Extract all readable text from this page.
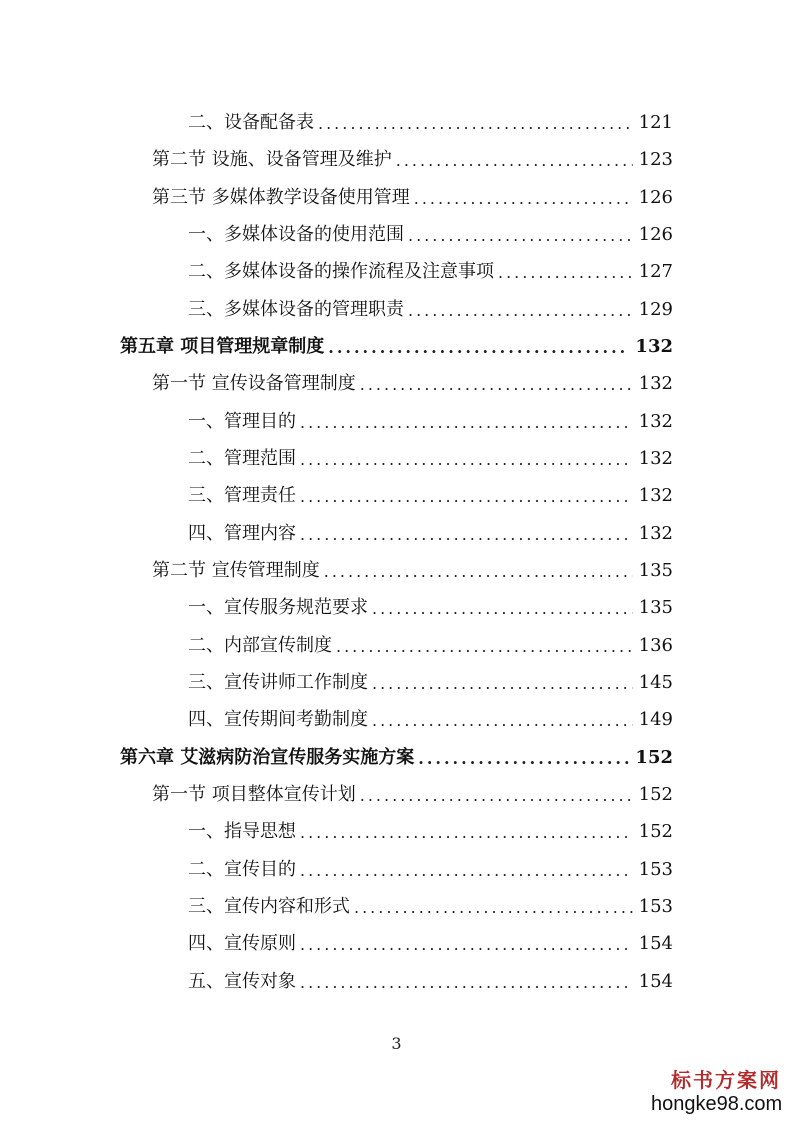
二、设备配备表 .....	121
第二节 设施、设备管理及维护 .....	123
第三节 多媒体教学设备使用管理 .....	126
一、多媒体设备的使用范围 .....	126
二、多媒体设备的操作流程及注意事项 .....	127
三、多媒体设备的管理职责 .....	129
第五章 项目管理规章制度 .....	132
第一节 宣传设备管理制度 .....	132
一、管理目的 .....	132
二、管理范围 .....	132
三、管理责任 .....	132
四、管理内容 .....	132
第二节 宣传管理制度 .....	135
一、宣传服务规范要求 .....	135
二、内部宣传制度 .....	136
三、宣传讲师工作制度 .....	145
四、宣传期间考勤制度 .....	149
第六章 艾滋病防治宣传服务实施方案 .....	152
第一节 项目整体宣传计划 .....	152
一、指导思想 .....	152
二、宣传目的 .....	153
三、宣传内容和形式 .....	153
四、宣传原则 .....	154
五、宣传对象 .....	154
3
标书方案网
hongke98.com
